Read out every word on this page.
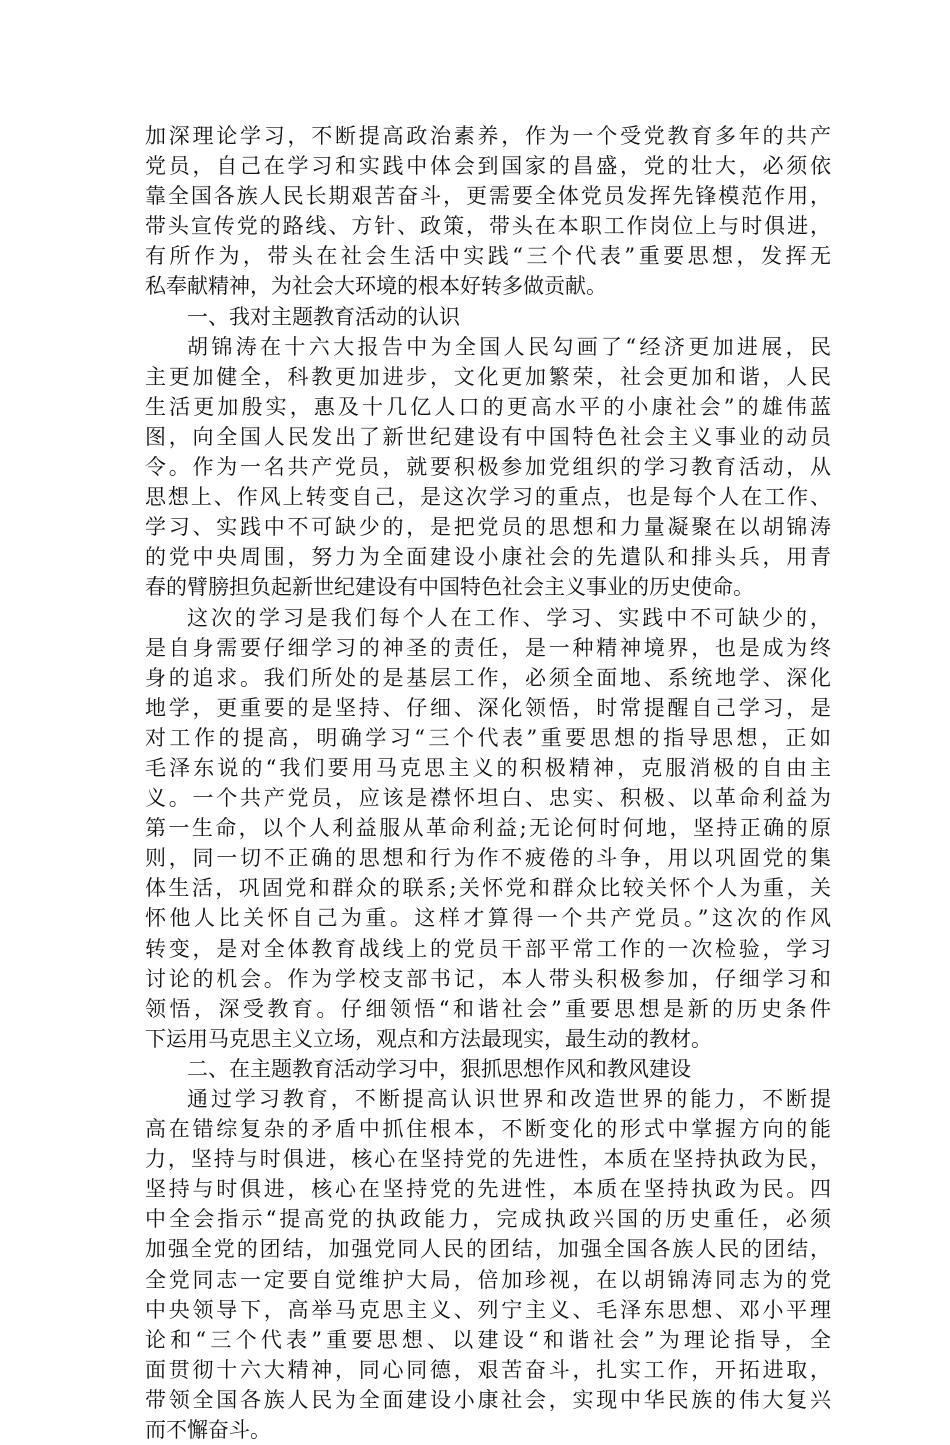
加深理论学习，不断提高政治素养，作为一个受党教育多年的共产
党员，自己在学习和实践中体会到国家的昌盛，党的壮大，必须依
靠全国各族人民长期艰苦奋斗，更需要全体党员发挥先锋模范作用，
带头宣传党的路线、方针、政策，带头在本职工作岗位上与时俱进，
有所作为，带头在社会生活中实践“三个代表”重要思想，发挥无
私奉献精神，为社会大环境的根本好转多做贡献。
一、我对主题教育活动的认识
胡锦涛在十六大报告中为全国人民勾画了“经济更加进展，民
主更加健全，科教更加进步，文化更加繁荣，社会更加和谐，人民
生活更加殷实，惠及十几亿人口的更高水平的小康社会”的雄伟蓝
图，向全国人民发出了新世纪建设有中国特色社会主义事业的动员
令。作为一名共产党员，就要积极参加党组织的学习教育活动，从
思想上、作风上转变自己，是这次学习的重点，也是每个人在工作、
学习、实践中不可缺少的，是把党员的思想和力量凝聚在以胡锦涛
的党中央周围，努力为全面建设小康社会的先遣队和排头兵，用青
春的臂膀担负起新世纪建设有中国特色社会主义事业的历史使命。
这次的学习是我们每个人在工作、学习、实践中不可缺少的，
是自身需要仔细学习的神圣的责任，是一种精神境界，也是成为终
身的追求。我们所处的是基层工作，必须全面地、系统地学、深化
地学，更重要的是坚持、仔细、深化领悟，时常提醒自己学习，是
对工作的提高，明确学习“三个代表”重要思想的指导思想，正如
毛泽东说的“我们要用马克思主义的积极精神，克服消极的自由主
义。一个共产党员，应该是襟怀坦白、忠实、积极、以革命利益为
第一生命，以个人利益服从革命利益;无论何时何地，坚持正确的原
则，同一切不正确的思想和行为作不疲倦的斗争，用以巩固党的集
体生活，巩固党和群众的联系;关怀党和群众比较关怀个人为重，关
怀他人比关怀自己为重。这样才算得一个共产党员。”这次的作风
转变，是对全体教育战线上的党员干部平常工作的一次检验，学习
讨论的机会。作为学校支部书记，本人带头积极参加，仔细学习和
领悟，深受教育。仔细领悟“和谐社会”重要思想是新的历史条件
下运用马克思主义立场，观点和方法最现实，最生动的教材。
二、在主题教育活动学习中，狠抓思想作风和教风建设
通过学习教育，不断提高认识世界和改造世界的能力，不断提
高在错综复杂的矛盾中抓住根本，不断变化的形式中掌握方向的能
力，坚持与时俱进，核心在坚持党的先进性，本质在坚持执政为民，
坚持与时俱进，核心在坚持党的先进性，本质在坚持执政为民。四
中全会指示“提高党的执政能力，完成执政兴国的历史重任，必须
加强全党的团结，加强党同人民的团结，加强全国各族人民的团结，
全党同志一定要自觉维护大局，倍加珍视，在以胡锦涛同志为的党
中央领导下，高举马克思主义、列宁主义、毛泽东思想、邓小平理
论和“三个代表”重要思想、以建设“和谐社会”为理论指导，全
面贯彻十六大精神，同心同德，艰苦奋斗，扎实工作，开拓进取，
带领全国各族人民为全面建设小康社会，实现中华民族的伟大复兴
而不懈奋斗。
